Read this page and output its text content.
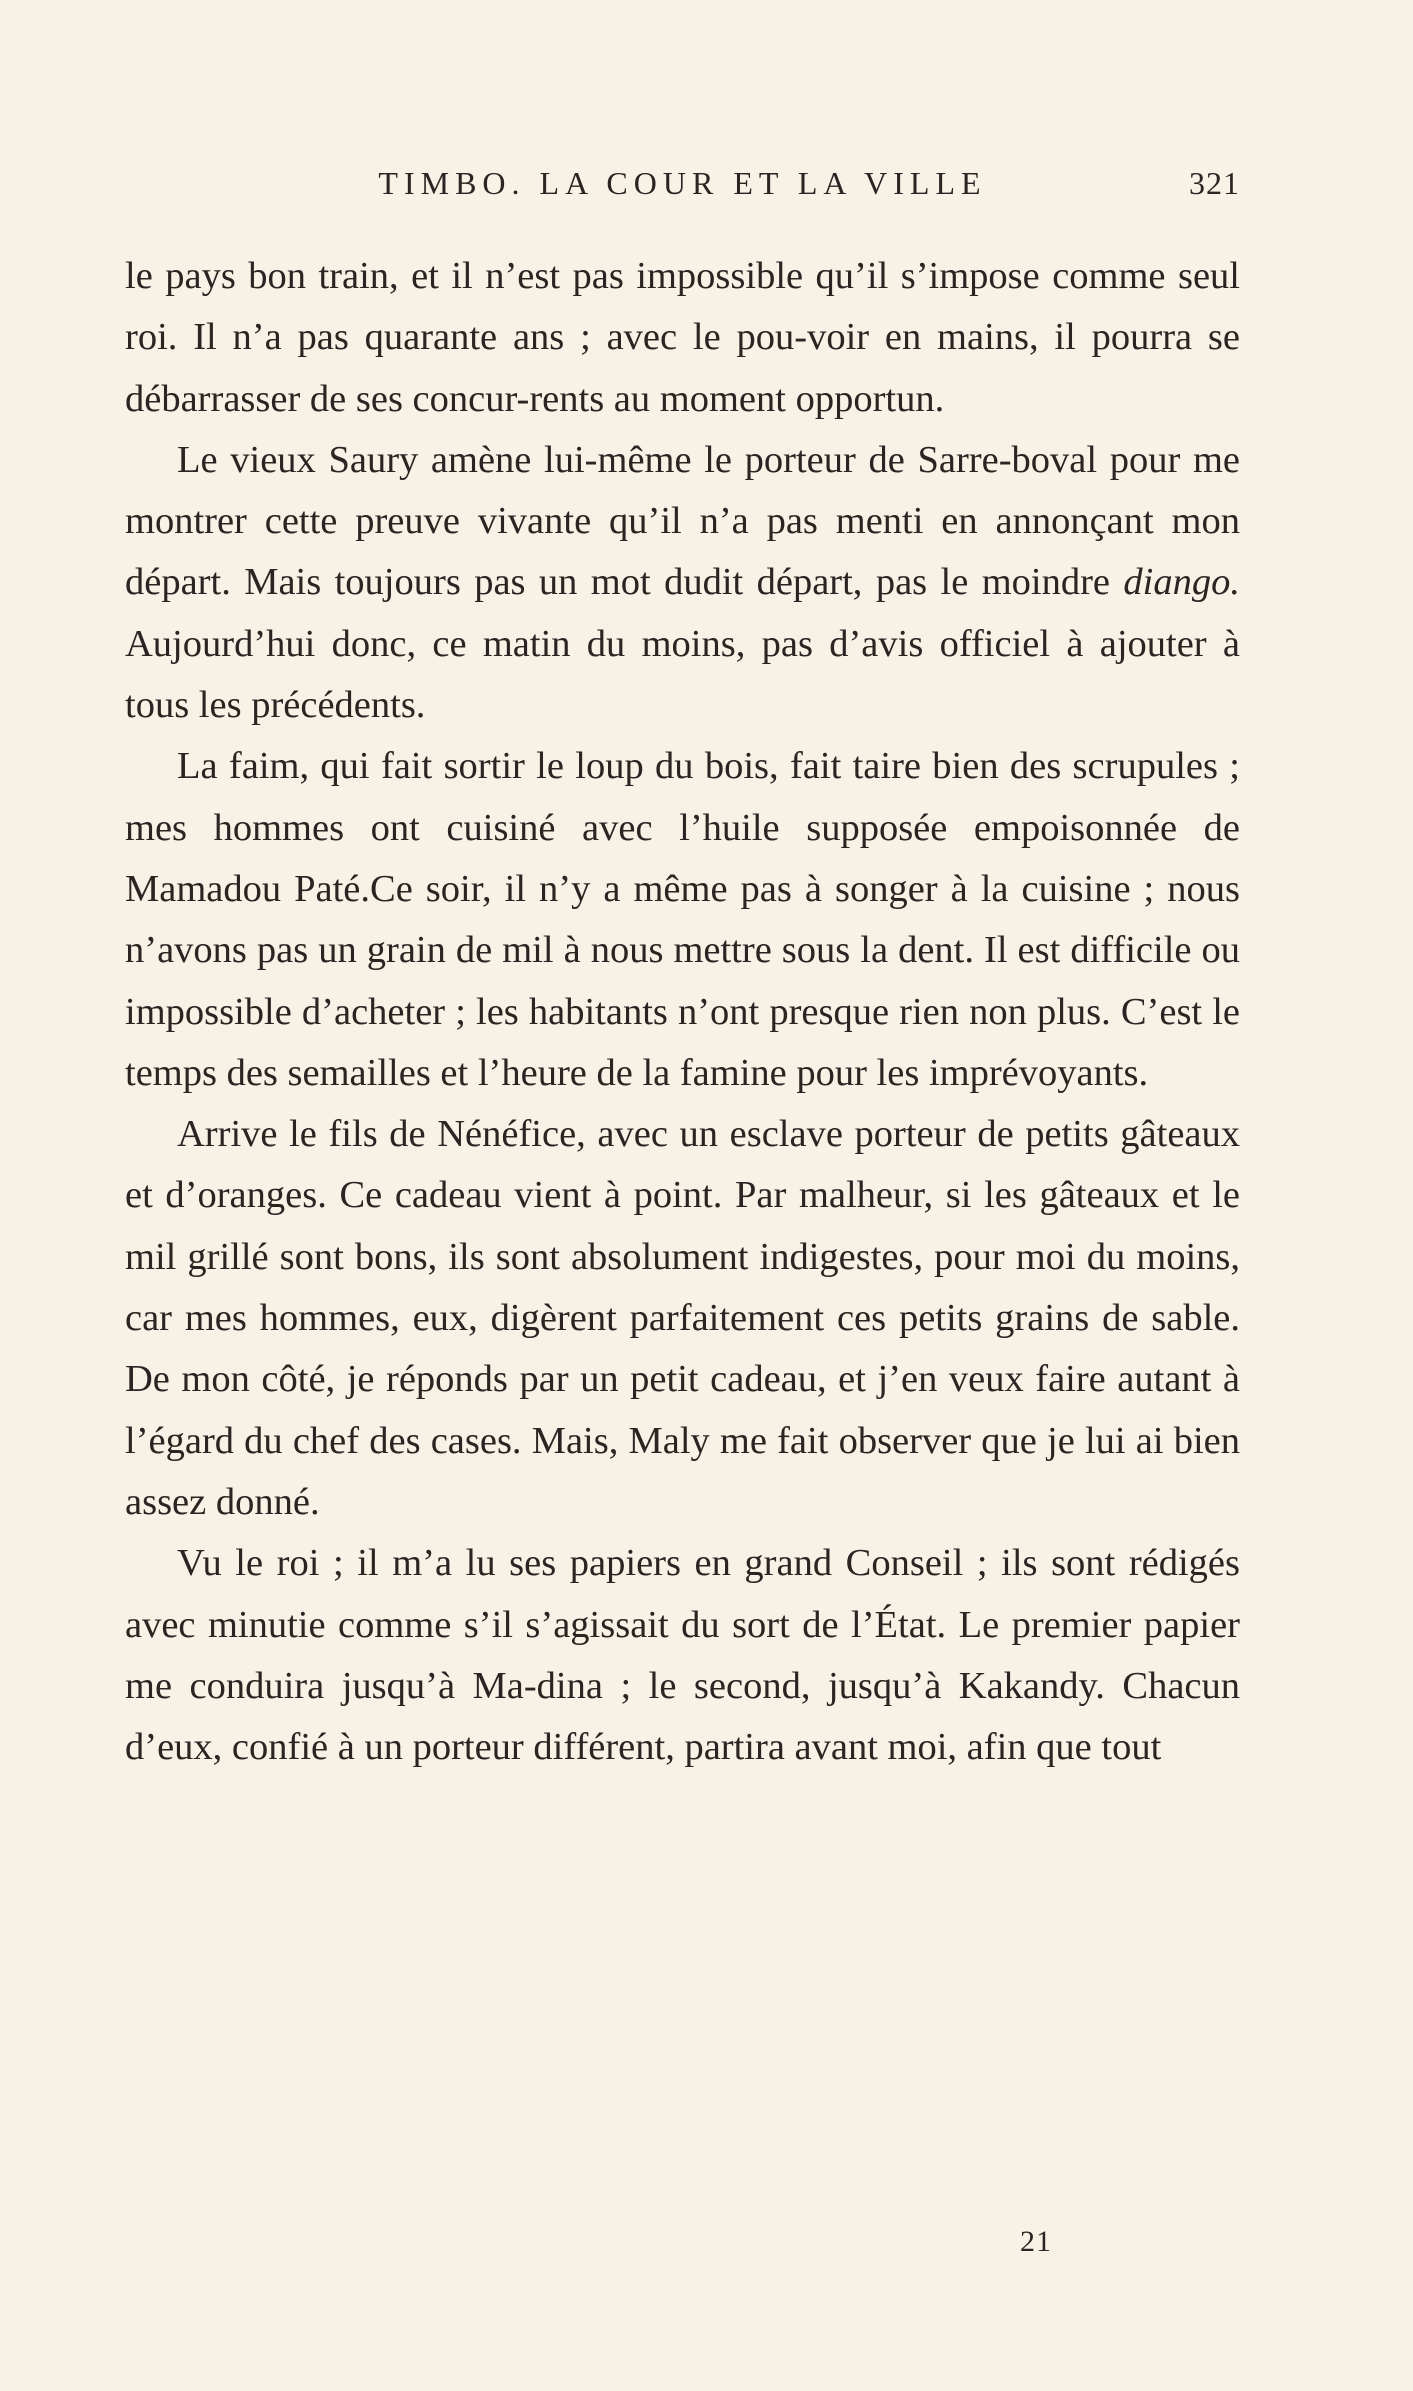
TIMBO. LA COUR ET LA VILLE	321

le pays bon train, et il n’est pas impossible qu’il s’impose comme seul roi. Il n’a pas quarante ans ; avec le pou-voir en mains, il pourra se débarrasser de ses concur-rents au moment opportun.

Le vieux Saury amène lui-même le porteur de Sarre-boval pour me montrer cette preuve vivante qu’il n’a pas menti en annonçant mon départ. Mais toujours pas un mot dudit départ, pas le moindre diango. Aujourd’hui donc, ce matin du moins, pas d’avis officiel à ajouter à tous les précédents.

La faim, qui fait sortir le loup du bois, fait taire bien des scrupules ; mes hommes ont cuisiné avec l’huile supposée empoisonnée de Mamadou Paté.Ce soir, il n’y a même pas à songer à la cuisine ; nous n’avons pas un grain de mil à nous mettre sous la dent. Il est difficile ou impossible d’acheter ; les habitants n’ont presque rien non plus. C’est le temps des semailles et l’heure de la famine pour les imprévoyants.

Arrive le fils de Nénéfice, avec un esclave porteur de petits gâteaux et d’oranges. Ce cadeau vient à point. Par malheur, si les gâteaux et le mil grillé sont bons, ils sont absolument indigestes, pour moi du moins, car mes hommes, eux, digèrent parfaitement ces petits grains de sable. De mon côté, je réponds par un petit cadeau, et j’en veux faire autant à l’égard du chef des cases. Mais, Maly me fait observer que je lui ai bien assez donné.

Vu le roi ; il m’a lu ses papiers en grand Conseil ; ils sont rédigés avec minutie comme s’il s’agissait du sort de l’État. Le premier papier me conduira jusqu’à Ma-dina ; le second, jusqu’à Kakandy. Chacun d’eux, confié à un porteur différent, partira avant moi, afin que tout

21
